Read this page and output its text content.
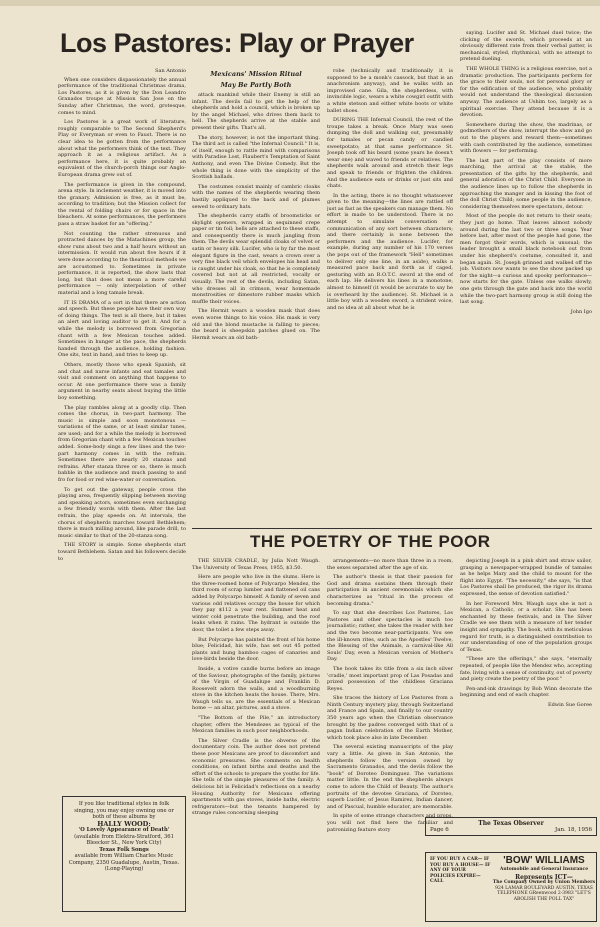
Los Pastores: Play or Prayer
San Antonio

When one considers dispassionately the annual performance of the traditional Christmas drama, Los Pastores, as it is given by the Don Leandro Granados troupe at Mission San Jose on the Sunday after Christmas, the word, grotesque, comes to mind.

Los Pastores is a great work of literature, roughly comparable to The Second Shepherd's Play or Everyman or even to Faust. There is no clear idea to be gotten from the performance about what the performers think of the text. They approach it as a religious artifact. As a performance here, it is quite probably an equivalent of the church-porch things our Anglo-European drama grew out of.

The performance is given in the compound, arena style. In inclement weather, it is moved into the granary. Admission is free, as it must be, according to tradition; but the Mission collect for the rental of folding chairs or for space in the bleachers. At some performances, the performers pass a straw basket for an "offering."

Not counting the rather strenuous and protracted dances by the Matachines group, the show runs about two and a half hours without an intermission. It would run about five hours if it were done according to the theatrical methods we are accustomed to. Sometimes in private performance, it is reported, the show lasts that long, but that does not mean a more careful performance — only interpolation of other material and a long tamale break.

IT IS DRAMA of a sort in that there are action and speech. But these people have their own way of doing things. The text is all there, but it takes an alert and loving auditor to get it. And for a while the melody is borrowed from Gregorian chant with a few Mexican touches added. Sometimes in hunger at the pace, the shepherds handed through the audience, holding fashion. One sits, text in hand, and tries to keep up.

Others, mostly those who speak Spanish, sit and chat and nurse infants and eat tamales and visit and comment on anything that happens to occur. At one performance there was a family argument in nearby seats about buying the little boy something.

The play rambles along at a goodly clip. Then comes the chorus, in two-part harmony. The music is simple and soon monotonous — variations of the same, or at least similar tunes, are used; and for a while the melody is borrowed from Gregorian chant with a few Mexican touches added. Some-body sings a few lines and the two-part harmony comes in with the refrain. Sometimes there are nearly 20 stanzas and refrains. After stanza three or so, there is much babble in the audience and much passing to and fro for food or red wine-water or conversation.

To get out the gateway, people cross the playing area, frequently slipping between moving and speaking actors, sometimes even exchanging a few friendly words with them. After the last refrain, the play speeds on. At intervals, the chorus of shepherds marches toward Bethlehem; there is much milling around, like parade drill, to music similar to that of the 20-stanza song.

THE STORY is simple. Some shepherds start toward Bethlehem. Satan and his followers decide to

Mexicans' Mission Ritual
May Be Partly Both

attack mankind while their Enemy is still an infant. The devils fail to get the help of the shepherds and hold a council, which is broken up by the angel Michael, who drives them back to hell. The shepherds arrive at the stable and present their gifts. That's all.

The story, however, is not the important thing. The third act is called "the Infernal Council." It is, of itself, enough to rattle mind with comparisons with Paradise Lost, Flaubert's Temptation of Saint Anthony, and even The Divine Comedy. But the whole thing is done with the simplicity of the Scottish ballads.

The costumes consist mainly of cambric cloaks with the names of the shepherds wearing them hastily appliqued to the back and of plumes sewed to ordinary hats.

The shepherds carry staffs of broomsticks or skylight openers, wrapped in sequinned crepe paper or tin foil; bells are attached to these staffs, and consequently there is much jangling from them. The devils wear splendid cloaks of velvet or satin or heavy silk. Lucifer, who is by far the most elegant figure in the cast, wears a crown over a very fine black veil which envelopes his head and is caught under his cloak, so that he is completely covered but not at all restricted, vocally or visually. The rest of the devils, including Satan, who dresses all in crimson, wear homemade monstrosities or dimestore rubber masks which muffle their voices.

The Hermit wears a wooden mask that does even worse things to his voice. His mask is very old and the blond mustache is falling to pieces; the beard is sheepskin patches glued on. The Hermit wears an old bath-

robe (technically and traditionally it is supposed to be a monk's cassock, but that is an anachronism anyway), and he walks with an improvised cane. Gila, the shepherdess, with invincible logic, wears a white cowgirl outfit with a white stetson and either white boots or white ballet shoes.

DURING THE Infernal Council, the rest of the troupe takes a break. Once Mary was seen dumping the doll and walking out, presumably for tamales or pecan candy or candied sweetpotato; at that same performance St. Joseph took off his beard (some years he doesn't wear one) and waved to friends or relatives. The shepherds walk around and stretch their legs and speak to friends or frighten the children. And the audience eats or drinks or just sits and chats.

In the acting, there is no thought whatsoever given to the meaning—the lines are rattled off just as fast as the speakers can manage them. No effort is made to be understood. There is no attempt to simulate conversation or communication of any sort between characters; and there certainly is none between the performers and the audience. Lucifer, for example, during any number of his 170 verses (he pops out of the framework "Hell" sometimes to deliver only one line, in an aside), walks a measured pace back and forth as if caged, gesturing with an R.O.T.C. sword at the end of each lap. He delivers his lines in a monotone, almost to himself (it would be accurate to say he is overheard by the audience). St. Michael is a little boy with a wooden sword, a strident voice, and no idea at all about what he is

saying. Lucifer and St. Michael duel twice; the clicking of the swords, which proceeds at an obviously different rate from their verbal patter, is mechanical, styled, rhythmical, with no attempt to pretend dueling.

THE WHOLE THING is a religious exercise, not a dramatic production. The participants perform for the grace to their souls, not for personal glory or for the edification of the audience, who probably would not understand the theological discussion anyway. The audience at Ushim too, largely as a spiritual exercise. They attend because it is a devotion.

Somewhere during the show, the madrinas, or godmothers of the show, interrupt the show and go out to the players and reward them—sometimes with cash contributed by the audience, sometimes with flowers — for performing.

The last part of the play consists of more marching, the arrival at the stable, the presentation of the gifts by the shepherds, and general adoration of the Christ Child. Everyone in the audience lines up to follow the shepherds in approaching the manger and in kissing the foot of the doll Christ Child; some people in the audience, considering themselves mere spectators, detour.

Most of the people do not return to their seats; they just go home. That leaves almost nobody around during the last two or three songs. Year before last, after most of the people had gone, the men forgot their words, which is unusual; the leader brought a small black notebook out from under his shepherd's costume, consulted it, and began again. St. Joseph grinned and walked off the job. Visitors now wants to see the show packed up for the night—a curious and spooky performance—now starts for the gate. Unless one walks slowly, one gets through the gate and back into the world while the two-part harmony group is still doing the last song.

John Igo
THE POETRY OF THE POOR

THE SILVER CRADLE, by Julia Nott Waugh. The University of Texas Press, 1955, $3.50.

Here are people who live in the slums. Here is the three-roomed home of Polycarpo Mendez, the third room of scrap lumber and flattened oil cans added by Polycarpo himself. A family of seven and various odd relatives occupy the house for which they pay $112 a year rent. Summer heat and winter cold penetrate the building, and the roof leaks when it rains. The hydrant is outside the door, the toilet a few steps away.

But Polycarpo has painted the front of his home blue; Felicidad, his wife, has set out 45 potted plants and hung bamboo cages of canaries and love-birds beside the door.

Inside, a votive candle burns before an image of the Saviour, photographs of the family, pictures of the Virgin of Guadalupe and Franklin D. Roosevelt adorn the walls, and a woodburning stove in the kitchen heats the house. There, Mrs. Waugh tells us, are the essentials of a Mexican home — an altar, pictures, and a stove.

"The Bottom of the Pile," an introductory chapter, offers the Mendezes as typical of the Mexican families in such poor neighborhoods.

The Silver Cradle is the obverse of the documentary coin. The author does not pretend these poor Mexicans are proof to discomfort and economic pressures. She comments on health conditions, on infant births and deaths and the effort of the schools to prepare the youths for life. She tells of the simple pleasures of the family. A delicious bit is Felicidad's reflections on a nearby Housing Authority for Mexicans offering apartments with gas stoves, inside baths, electric refrigerators—but the tenants hampered by strange rules concerning sleeping

arrangements—no more than three in a room, the sexes separated after the age of six.

The author's thesis is that their passion for God and drama sustains them through their participation in ancient ceremonials which she characterizes as "ritual in the process of becoming drama."

To say that she describes Los Pastores, Los Pastores and other spectacles is much too journalistic; rather, she takes the reader with her and the two become near-participants. You see the ill-known rites, such as the Apostles' Twelve, the Blessing of the Animals, a carnival-like All Souls' Day, even a Mexican version of Mother's Day.

The book takes its title from a six inch silver 'cradle,' most important prop of Las Posadas and prized possession of the childless Graciana Reyes.

She traces the history of Los Pastores from a Ninth Century mystery play, through Switzerland and France and Spain, and finally to our country 350 years ago when the Christian observance brought by the padres converged with that of a pagan Indian celebration of the Earth Mother, which took place also in late December.

The several existing manuscripts of the play vary a little. As given in San Antonio, the shepherds follow the version owned by Sacramento Granados, and the devils follow the "book" of Doroteo Dominguez. The variations matter little. In the end the shepherds always come to adore the Child of Beauty. The author's portraits of the devotee Graciana, of Doroteo, superb Lucifer, of Jesus Ramirez, Indian dancer, and of Pascual, humble educator, are memorable.

In spite of some strange characters and props, you will not find here the familiar and patronizing feature story

depicting Joseph in a pink shirt and straw sailor, grasping a newspaper-wrapped bundle of tamales as he helps Mary and the child to mount for the flight into Egypt. "The necessity," she says, "is that Los Pastores shall be produced, the rigor its drama expressed, the sense of devotion satisfied."

In her Foreword Mrs. Waugh says she is not a Mexican, a Catholic, or a scholar. She has been enchanted by these festivals, and in The Silver Cradle we see them with a measure of her tender insight and sympathy. The book, with its meticulous regard for truth, is a distinguished contribution to our understanding of one of the population groups of Texas.

"These are the offerings," she says, "eternally repeated, of people like the Mendez who, accepting fate, living with a sense of continuity, out of poverty and piety create the poetry of the poor."

Pen-and-ink drawings by Bob Winn decorate the beginning and end of each chapter.

Edwin Sue Goree
If you like traditional styles in folk singing, you may enjoy owning one or both of these albums by
HALLY WOOD:
'O Lovely Appearance of Death'
(available from Elektra-Stratford, 361 Bleecker St., New York City)
Texas Folk Songs
available from William Charles Music Company, 2350 Guadalupe, Austin, Texas.
(Long-Playing)
The Texas Observer
Page 6	Jan. 18, 1956
IF YOU BUY A CAR— IF YOU BUY A HOUSE— IF ANY OF YOUR POLICIES EXPIRE— CALL
'BOW' WILLIAMS
Automobile and General Insurance
Represents ICT—
The Company Owned by Union Members
924 LAMAR BOULEVARD AUSTIN, TEXAS TELEPHONE GReenwood 2-3983 "LET'S ABOLISH THE POLL TAX"
